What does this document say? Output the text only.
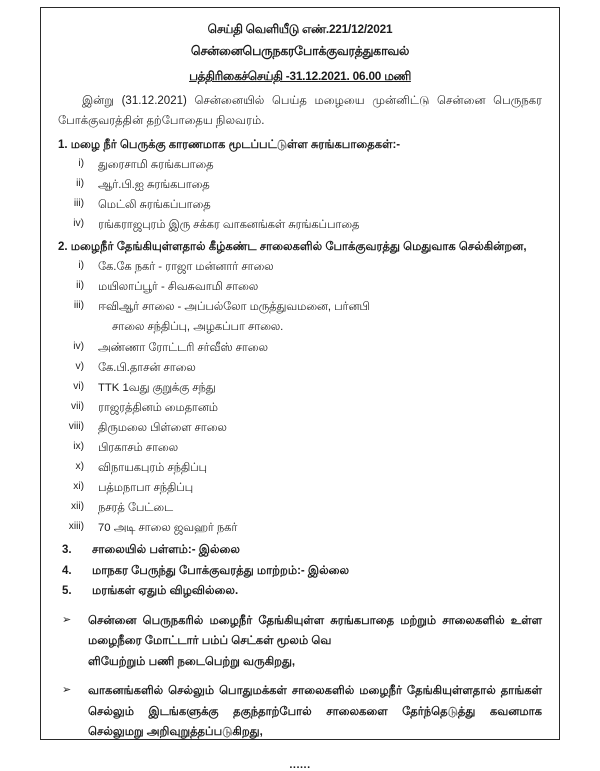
செய்தி வெளியீடு எண்.221/12/2021
சென்னைபெருநகரபோக்குவரத்துகாவல்
பத்திரிகைச்செய்தி -31.12.2021. 06.00 மணி

இன்று (31.12.2021) சென்னையில் பெய்த மழையை முன்னிட்டு சென்னை பெருநகர போக்குவரத்தின் தற்போதைய நிலவரம்.

1. மழை நீர் பெருக்கு காரணமாக மூடப்பட்டுள்ள சுரங்கபாதைகள்:-
i)	துரைசாமி சுரங்கபாதை
ii)	ஆர்.பி.ஐ சுரங்கபாதை
iii)	மெட்லி சுரங்கப்பாதை
iv)	ரங்கராஜபுரம் இரு சக்கர வாகனங்கள் சுரங்கப்பாதை
2. மழைநீர் தேங்கியுள்ளதால் கீழ்கண்ட சாலைகளில் போக்குவரத்து மெதுவாக செல்கின்றன,
i)	கே.கே நகர் - ராஜா மன்னார் சாலை
ii)	மயிலாப்பூர் - சிவசுவாமி சாலை
iii)	ஈவிஆர் சாலை - அப்பல்லோ மருத்துவமனை, பர்னபி
சாலை சந்திப்பு, அழகப்பா சாலை.
iv)	அண்ணா ரோட்டரி சர்வீஸ் சாலை
v)	கே.பி.தாசன் சாலை
vi)	TTK 1வது குறுக்கு சந்து
vii)	ராஜரத்தினம் மைதானம்
viii)	திருமலை பிள்ளை சாலை
ix)	பிரகாசம் சாலை
x)	விநாயகபுரம் சந்திப்பு
xi)	பத்மநாபா சந்திப்பு
xii)	நசரத் பேட்டை
xiii)	70 அடி சாலை ஜவஹர் நகர்
3.	சாலையில் பள்ளம்:- இல்லை
4.	மாநகர பேருந்து போக்குவரத்து மாற்றம்:- இல்லை
5.	மரங்கள் ஏதும் விழவில்லை.
➢	சென்னை பெருநகரில் மழைநீர் தேங்கியுள்ள சுரங்கபாதை மற்றும் சாலைகளில் உள்ள மழைநீரை மோட்டார் பம்ப் செட்கள் மூலம் வெ
ளியேற்றும் பணி நடைபெற்று வருகிறது,
➢	வாகனங்களில் செல்லும் பொதுமக்கள் சாலைகளில் மழைநீர் தேங்கியுள்ளதால் தாங்கள் செல்லும் இடங்களுக்கு தகுந்தாற்போல் சாலைகளை தேர்ந்தெடுத்து கவனமாக செல்லுமறு அறிவுறுத்தப்படுகிறது,
......
